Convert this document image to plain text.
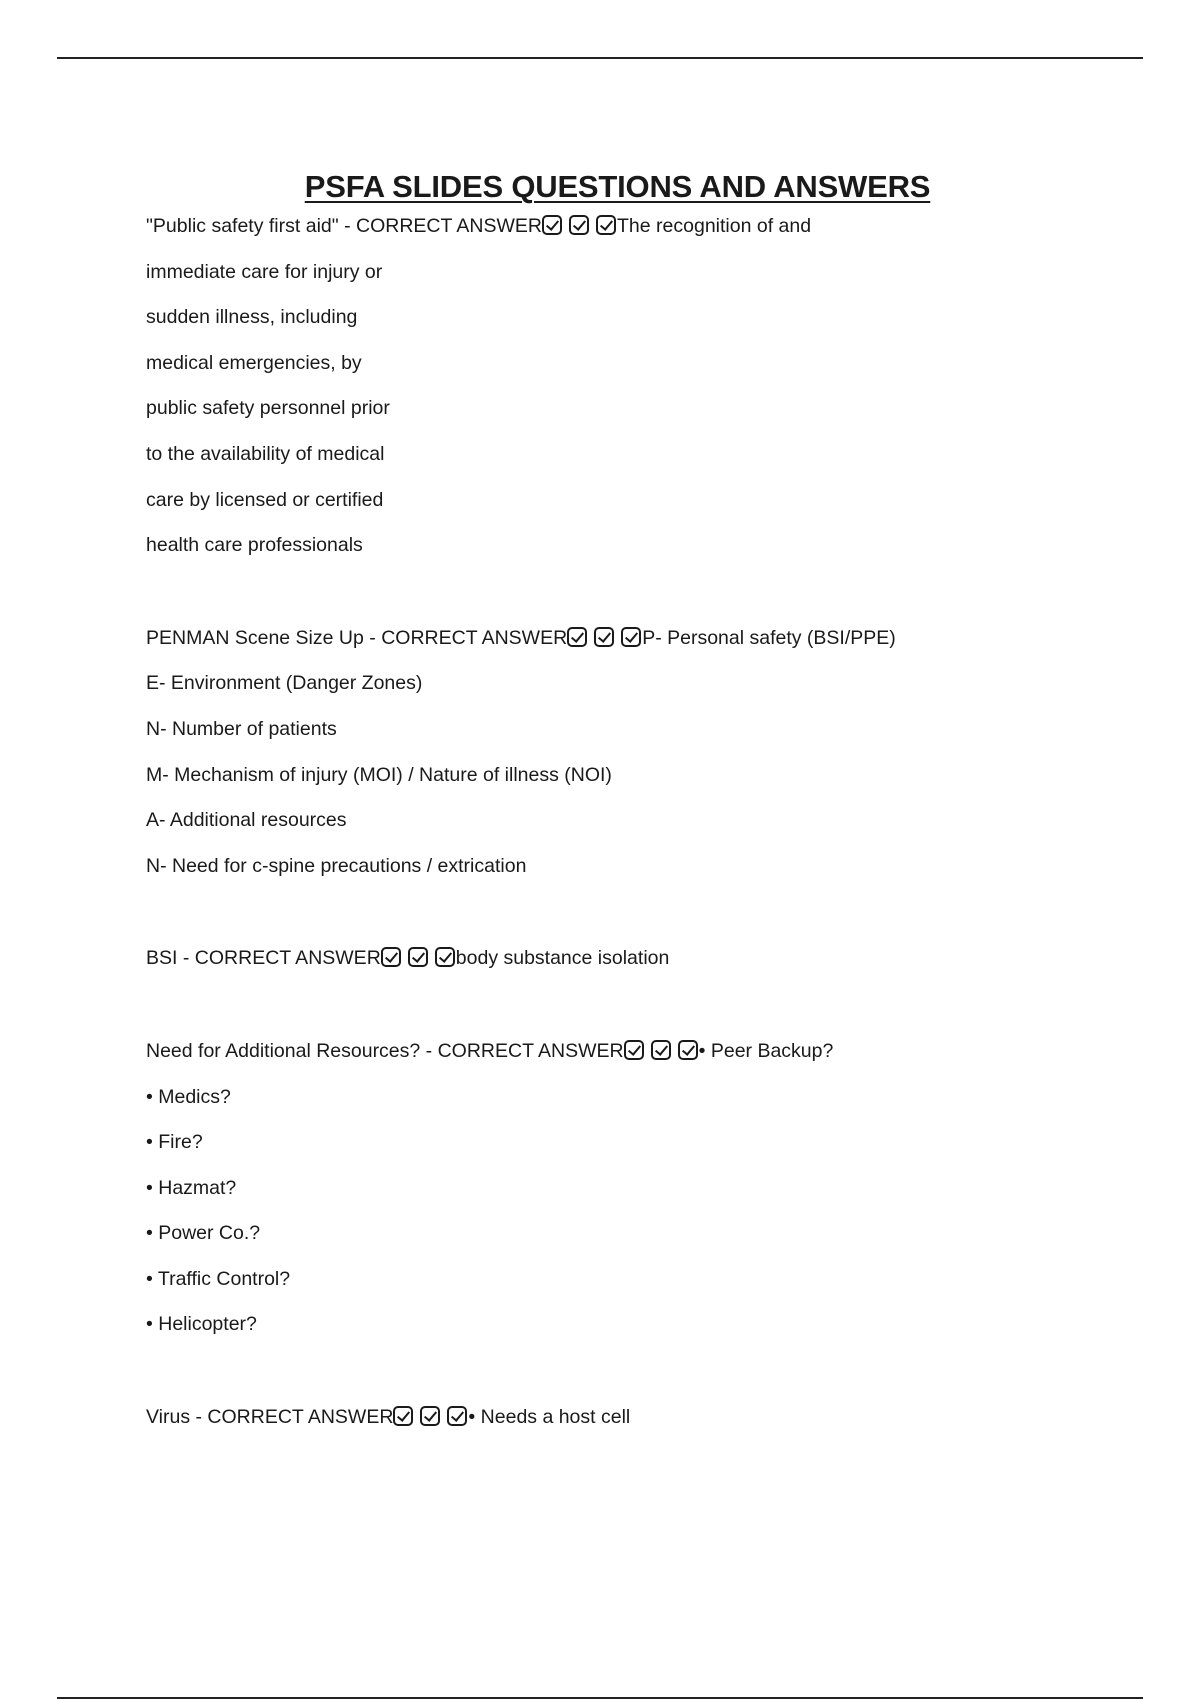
PSFA SLIDES QUESTIONS AND ANSWERS
"Public safety first aid" - CORRECT ANSWER	The recognition of and
immediate care for injury or
sudden illness, including
medical emergencies, by
public safety personnel prior
to the availability of medical
care by licensed or certified
health care professionals
PENMAN Scene Size Up - CORRECT ANSWER	P- Personal safety (BSI/PPE)
E- Environment (Danger Zones)
N- Number of patients
M- Mechanism of injury (MOI) / Nature of illness (NOI)
A- Additional resources
N- Need for c-spine precautions / extrication
BSI - CORRECT ANSWER	body substance isolation
Need for Additional Resources? - CORRECT ANSWER	• Peer Backup?
• Medics?
• Fire?
• Hazmat?
• Power Co.?
• Traffic Control?
• Helicopter?
Virus - CORRECT ANSWER	• Needs a host cell
